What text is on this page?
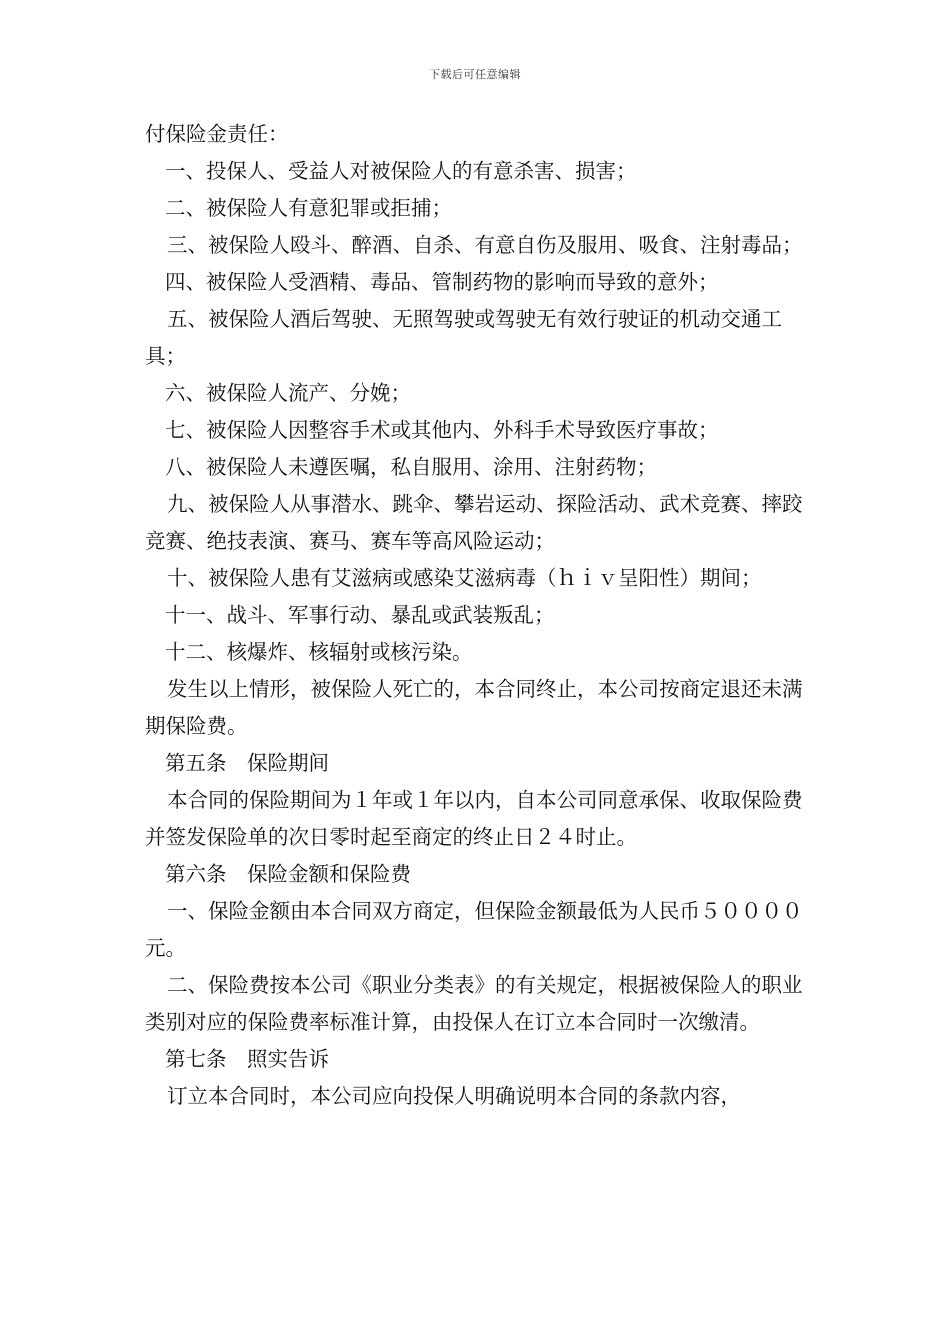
下载后可任意编辑

付保险金责任：

一、投保人、受益人对被保险人的有意杀害、损害；

二、被保险人有意犯罪或拒捕；

三、被保险人殴斗、醉酒、自杀、有意自伤及服用、吸食、注射毒品；

四、被保险人受酒精、毒品、管制药物的影响而导致的意外；

五、被保险人酒后驾驶、无照驾驶或驾驶无有效行驶证的机动交通工具；

六、被保险人流产、分娩；

七、被保险人因整容手术或其他内、外科手术导致医疗事故；

八、被保险人未遵医嘱，私自服用、涂用、注射药物；

九、被保险人从事潜水、跳伞、攀岩运动、探险活动、武术竞赛、摔跤竞赛、绝技表演、赛马、赛车等高风险运动；

十、被保险人患有艾滋病或感染艾滋病毒（ｈｉｖ呈阳性）期间；

十一、战斗、军事行动、暴乱或武装叛乱；

十二、核爆炸、核辐射或核污染。

发生以上情形，被保险人死亡的，本合同终止，本公司按商定退还未满期保险费。

第五条　保险期间

本合同的保险期间为１年或１年以内，自本公司同意承保、收取保险费并签发保险单的次日零时起至商定的终止日２４时止。

第六条　保险金额和保险费

一、保险金额由本合同双方商定，但保险金额最低为人民币５００００元。

二、保险费按本公司《职业分类表》的有关规定，根据被保险人的职业类别对应的保险费率标准计算，由投保人在订立本合同时一次缴清。

第七条　照实告诉

订立本合同时，本公司应向投保人明确说明本合同的条款内容，
